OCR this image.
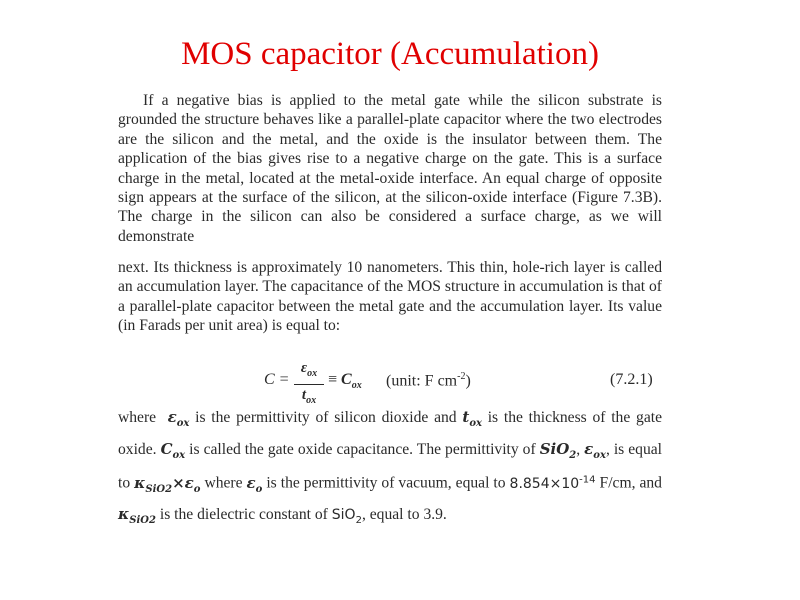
MOS capacitor (Accumulation)

If a negative bias is applied to the metal gate while the silicon substrate is grounded the structure behaves like a parallel-plate capacitor where the two electrodes are the silicon and the metal, and the oxide is the insulator between them. The application of the bias gives rise to a negative charge on the gate. This is a surface charge in the metal, located at the metal-oxide interface. An equal charge of opposite sign appears at the surface of the silicon, at the silicon-oxide interface (Figure 7.3B). The charge in the silicon can also be considered a surface charge, as we will demonstrate

next. Its thickness is approximately 10 nanometers. This thin, hole-rich layer is called an accumulation layer. The capacitance of the MOS structure in accumulation is that of a parallel-plate capacitor between the metal gate and the accumulation layer. Its value (in Farads per unit area) is equal to:

C =
$\varepsilon_{ox}$
$t_{ox}$
≡ $C_{ox}$ (unit: F $cm^{-2}$)	(7.2.1)

where $\varepsilon_{ox}$ is the permittivity of silicon dioxide and $t_{ox}$ is the thickness of the gate oxide. $C_{ox}$ is called the gate oxide capacitance. The permittivity of SiO$_2$, $\varepsilon_{ox}$, is equal to $\kappa_{SiO2}\times\varepsilon_o$ where $\varepsilon_o$ is the permittivity of vacuum, equal to $8.854\times 10^{-14}$ F/cm, and $\kappa_{SiO2}$ is the dielectric constant of SiO$_2$, equal to 3.9.
